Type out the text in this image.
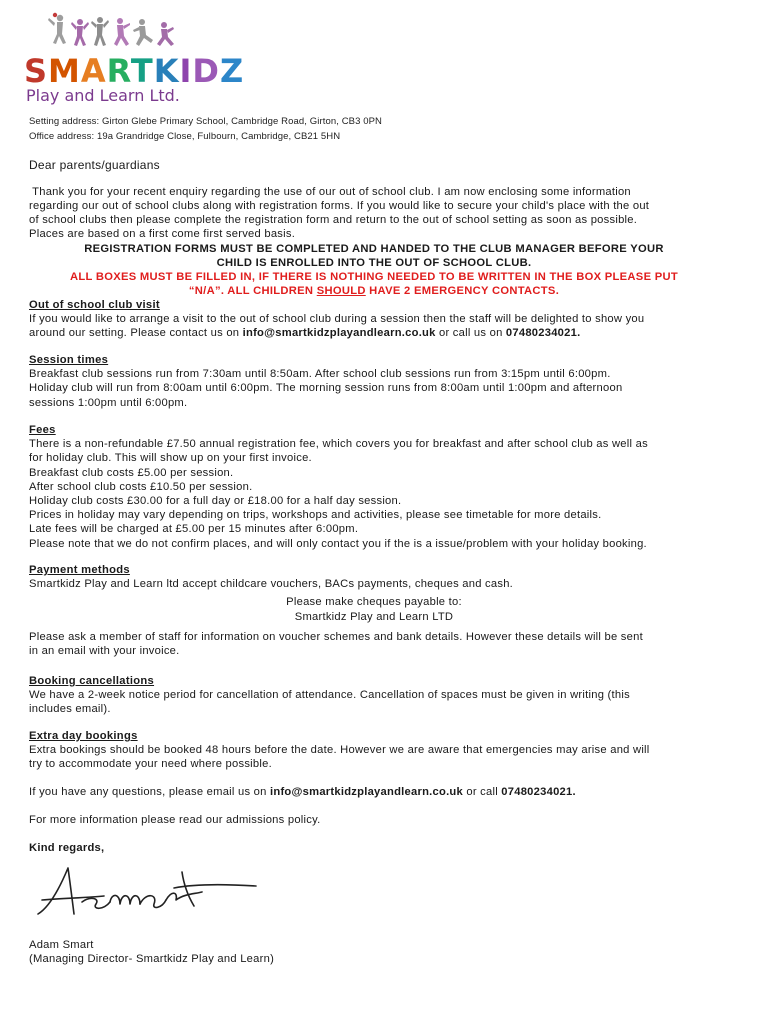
SMARTKIDZ
Play and Learn Ltd.
Setting address: Girton Glebe Primary School, Cambridge Road, Girton, CB3 0PN
Office address: 19a Grandridge Close, Fulbourn, Cambridge, CB21 5HN
Dear parents/guardians
Thank you for your recent enquiry regarding the use of our out of school club. I am now enclosing some information
regarding our out of school clubs along with registration forms. If you would like to secure your child's place with the out
of school clubs then please complete the registration form and return to the out of school setting as soon as possible.
Places are based on a first come first served basis.
REGISTRATION FORMS MUST BE COMPLETED AND HANDED TO THE CLUB MANAGER BEFORE YOUR
CHILD IS ENROLLED INTO THE OUT OF SCHOOL CLUB.
ALL BOXES MUST BE FILLED IN, IF THERE IS NOTHING NEEDED TO BE WRITTEN IN THE BOX PLEASE PUT
“N/A”. ALL CHILDREN SHOULD HAVE 2 EMERGENCY CONTACTS.
Out of school club visit

If you would like to arrange a visit to the out of school club during a session then the staff will be delighted to show you

around our setting. Please contact us on info@smartkidzplayandlearn.co.uk or call us on 07480234021.

Session times

Breakfast club sessions run from 7:30am until 8:50am. After school club sessions run from 3:15pm until 6:00pm.

Holiday club will run from 8:00am until 6:00pm. The morning session runs from 8:00am until 1:00pm and afternoon

sessions 1:00pm until 6:00pm.

Fees

There is a non-refundable £7.50 annual registration fee, which covers you for breakfast and after school club as well as

for holiday club. This will show up on your first invoice.

Breakfast club costs £5.00 per session.

After school club costs £10.50 per session.

Holiday club costs £30.00 for a full day or £18.00 for a half day session.

Prices in holiday may vary depending on trips, workshops and activities, please see timetable for more details.

Late fees will be charged at £5.00 per 15 minutes after 6:00pm.

Please note that we do not confirm places, and will only contact you if the is a issue/problem with your holiday booking.

Payment methods

Smartkidz Play and Learn ltd accept childcare vouchers, BACs payments, cheques and cash.

Please make cheques payable to:

Smartkidz Play and Learn LTD

Please ask a member of staff for information on voucher schemes and bank details. However these details will be sent

in an email with your invoice.

Booking cancellations

We have a 2-week notice period for cancellation of attendance. Cancellation of spaces must be given in writing (this

includes email).

Extra day bookings

Extra bookings should be booked 48 hours before the date. However we are aware that emergencies may arise and will

try to accommodate your need where possible.

If you have any questions, please email us on info@smartkidzplayandlearn.co.uk or call 07480234021.

For more information please read our admissions policy.
Kind regards,

Adam Smart

(Managing Director- Smartkidz Play and Learn)
